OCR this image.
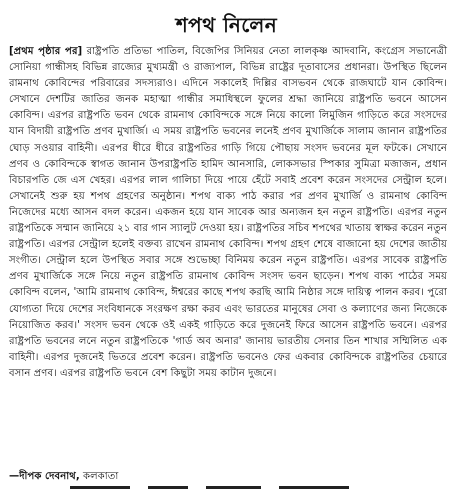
শপথ নিলেন

[প্রথম পৃষ্ঠার পর] রাষ্ট্রপতি প্রতিভা পাতিল, বিজেপির সিনিয়র নেতা লালকৃষ্ণ আদবানি, কংগ্রেস সভানেত্রী সোনিয়া গান্ধীসহ বিভিন্ন রাজ্যের মুখ্যমন্ত্রী ও রাজ্যপাল, বিভিন্ন রাষ্ট্রের দূতাবাসের প্রধানরা। উপস্থিত ছিলেন রামনাথ কোবিন্দের পরিবারের সদস্যরাও। এদিনে সকালেই দিল্লির বাসভবন থেকে রাজঘাটে যান কোবিন্দ। সেখানে দেশটির জাতির জনক মহাত্মা গান্ধীর সমাধিস্থলে ফুলের শ্রদ্ধা জানিয়ে রাষ্ট্রপতি ভবনে আসেন কোবিন্দ। এরপর রাষ্ট্রপতি ভবন থেকে রামনাথ কোবিন্দকে সঙ্গে নিয়ে কালো লিমুজিন গাড়িতে করে সংসদের যান বিদায়ী রাষ্ট্রপতি প্রণব মুখার্জি। এ সময় রাষ্ট্রপতি ভবনের লনেই প্রণব মুখার্জিকে সালাম জানান রাষ্ট্রপতির ঘোড় সওয়ার বাহিনী। এরপর ধীরে ধীরে রাষ্ট্রপতির গাড়ি গিয়ে পৌছায় সংসদ ভবনের মূল ফটকে। সেখানে প্রণব ও কোবিন্দকে স্বাগত জানান উপরাষ্ট্রপতি হামিদ আনসারি, লোকসভার স্পিকার সুমিত্রা মজাজন, প্রধান বিচারপতি জে এস খেহর। এরপর লাল গালিচা দিয়ে পায়ে হেঁটে সবাই প্রবেশ করেন সংসদের সেন্ট্রাল হলে। সেখানেই শুরু হয় শপথ গ্রহণের অনুষ্ঠান। শপথ বাক্য পাঠ করার পর প্রণব মুখার্জি ও রামনাথ কোবিন্দ নিজেদের মধ্যে আসন বদল করেন। একজন হয়ে যান সাবেক আর অন্যজন হন নতুন রাষ্ট্রপতি। এরপর নতুন রাষ্ট্রপতিকে সম্মান জানিয়ে ২১ বার গান স্যালুট দেওয়া হয়। রাষ্ট্রপতির সচিব শপথের খাতায় স্বাক্ষর করেন নতুন রাষ্ট্রপতি। এরপর সেন্ট্রাল হলেই বক্তব্য রাখেন রামনাথ কোবিন্দ। শপথ গ্রহণ শেষে বাজানো হয় দেশের জাতীয় সংগীত। সেন্ট্রাল হলে উপস্থিত সবার সঙ্গে শুভেচ্ছা বিনিময় করেন নতুন রাষ্ট্রপতি। এরপর সাবেক রাষ্ট্রপতি প্রণব মুখার্জিকে সঙ্গে নিয়ে নতুন রাষ্ট্রপতি রামনাথ কোবিন্দ সংসদ ভবন ছাড়েন। শপথ বাক্য পাঠের সময় কোবিন্দ বলেন, 'আমি রামনাথ কোবিন্দ, ঈশ্বরের কাছে শপথ করছি আমি নিষ্ঠার সঙ্গে দায়িত্ব পালন করব। পুরো যোগ্যতা দিয়ে দেশের সংবিধানকে সংরক্ষণ রক্ষা করব এবং ভারতের মানুষের সেবা ও কল্যাণের জন্য নিজেকে নিয়োজিত করব।' সংসদ ভবন থেকে ওই একই গাড়িতে করে দুজনেই ফিরে আসেন রাষ্ট্রপতি ভবনে। এরপর রাষ্ট্রপতি ভবনের লনে নতুন রাষ্ট্রপতিকে 'গার্ড অব অনার' জানায় ভারতীয় সেনার তিন শাখার সম্মিলিত এক বাহিনী। এরপর দুজনেই ভিতরে প্রবেশ করেন। রাষ্ট্রপতি ভবনেও ফের একবার কোবিন্দকে রাষ্ট্রপতির চেয়ারে বসান প্রণব। এরপর রাষ্ট্রপতি ভবনে বেশ কিছুটা সময় কাটান দুজনে।

—দীপক দেবনাথ, কলকাতা
